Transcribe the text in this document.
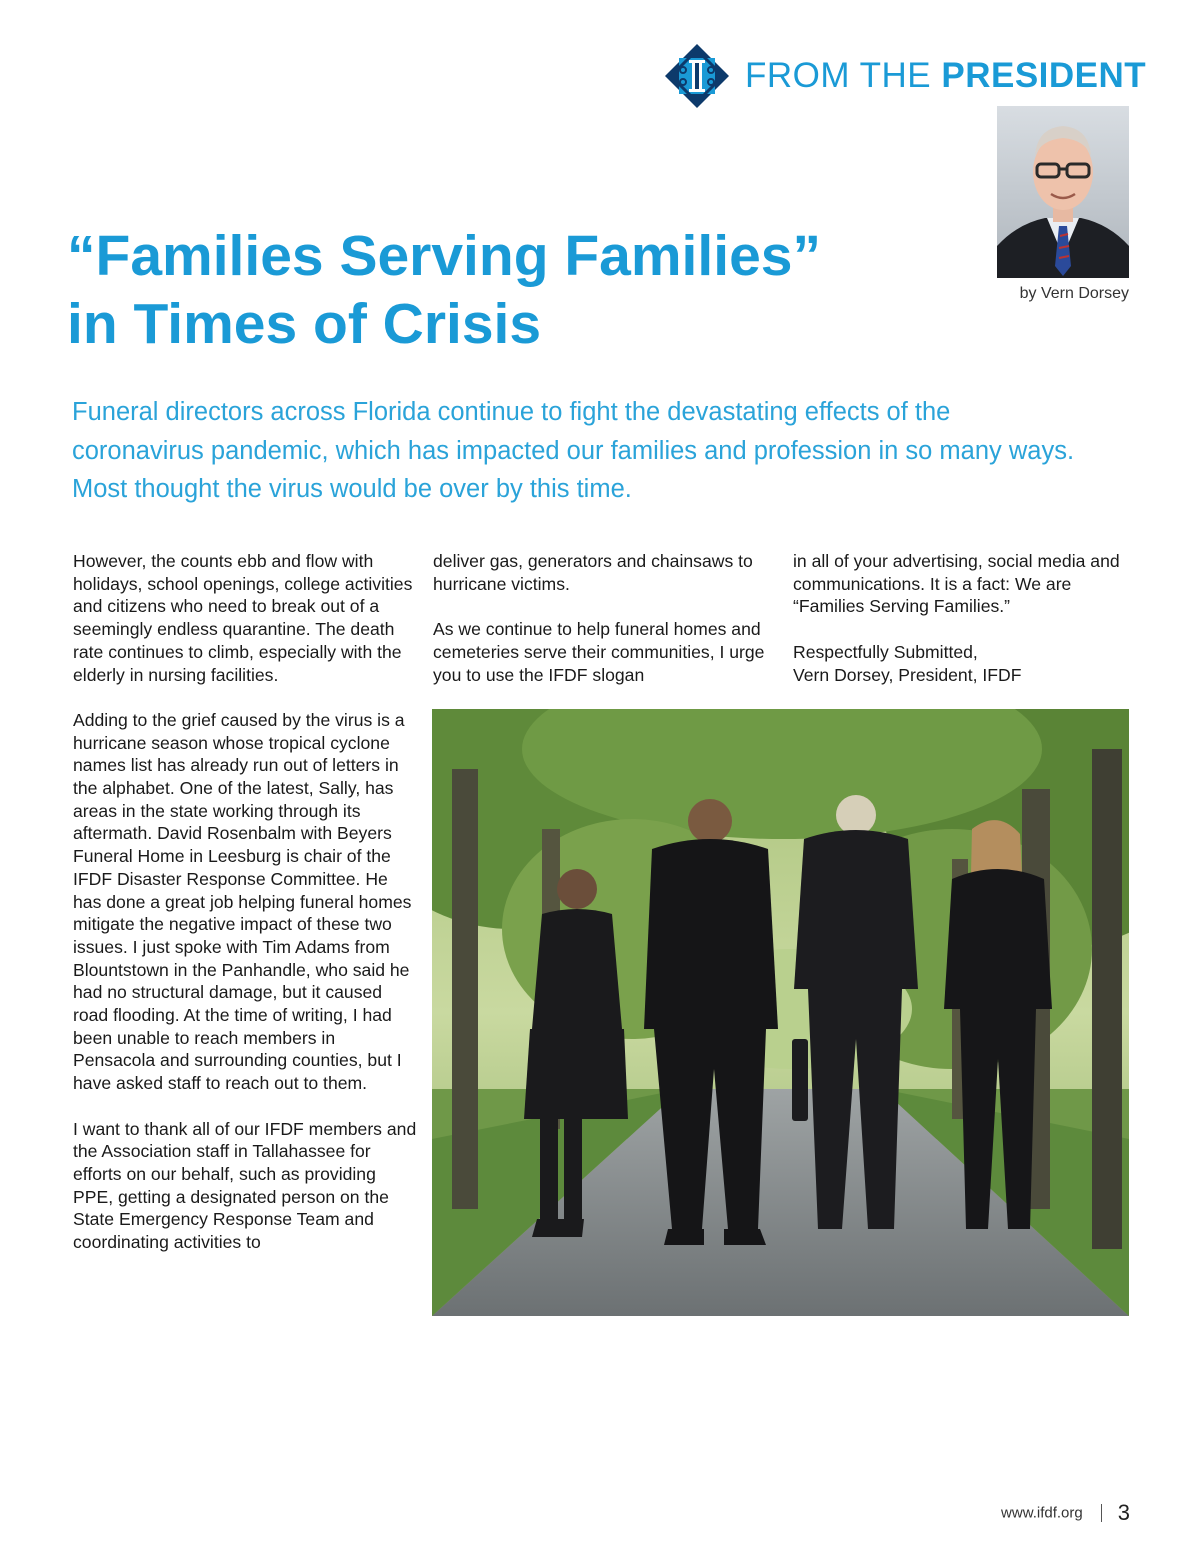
FROM THE PRESIDENT
by Vern Dorsey
“Families Serving Families”
in Times of Crisis

Funeral directors across Florida continue to fight the devastating effects of the coronavirus pandemic, which has impacted our families and profession in so many ways. Most thought the virus would be over by this time.

However, the counts ebb and flow with holidays, school openings, college activities and citizens who need to break out of a seemingly endless quarantine. The death rate continues to climb, especially with the elderly in nursing facilities.

Adding to the grief caused by the virus is a hurricane season whose tropical cyclone names list has already run out of letters in the alphabet. One of the latest, Sally, has areas in the state working through its aftermath. David Rosenbalm with Beyers Funeral Home in Leesburg is chair of the IFDF Disaster Response Committee. He has done a great job helping funeral homes mitigate the negative impact of these two issues. I just spoke with Tim Adams from Blountstown in the Panhandle, who said he had no structural damage, but it caused road flooding. At the time of writing, I had been unable to reach members in Pensacola and surrounding counties, but I have asked staff to reach out to them.

I want to thank all of our IFDF members and the Association staff in Tallahassee for efforts on our behalf, such as providing PPE, getting a designated person on the State Emergency Response Team and coordinating activities to

deliver gas, generators and chainsaws to hurricane victims.

As we continue to help funeral homes and cemeteries serve their communities, I urge you to use the IFDF slogan

in all of your advertising, social media and communications. It is a fact: We are “Families Serving Families.”

Respectfully Submitted,
Vern Dorsey, President, IFDF

www.ifdf.org 3
